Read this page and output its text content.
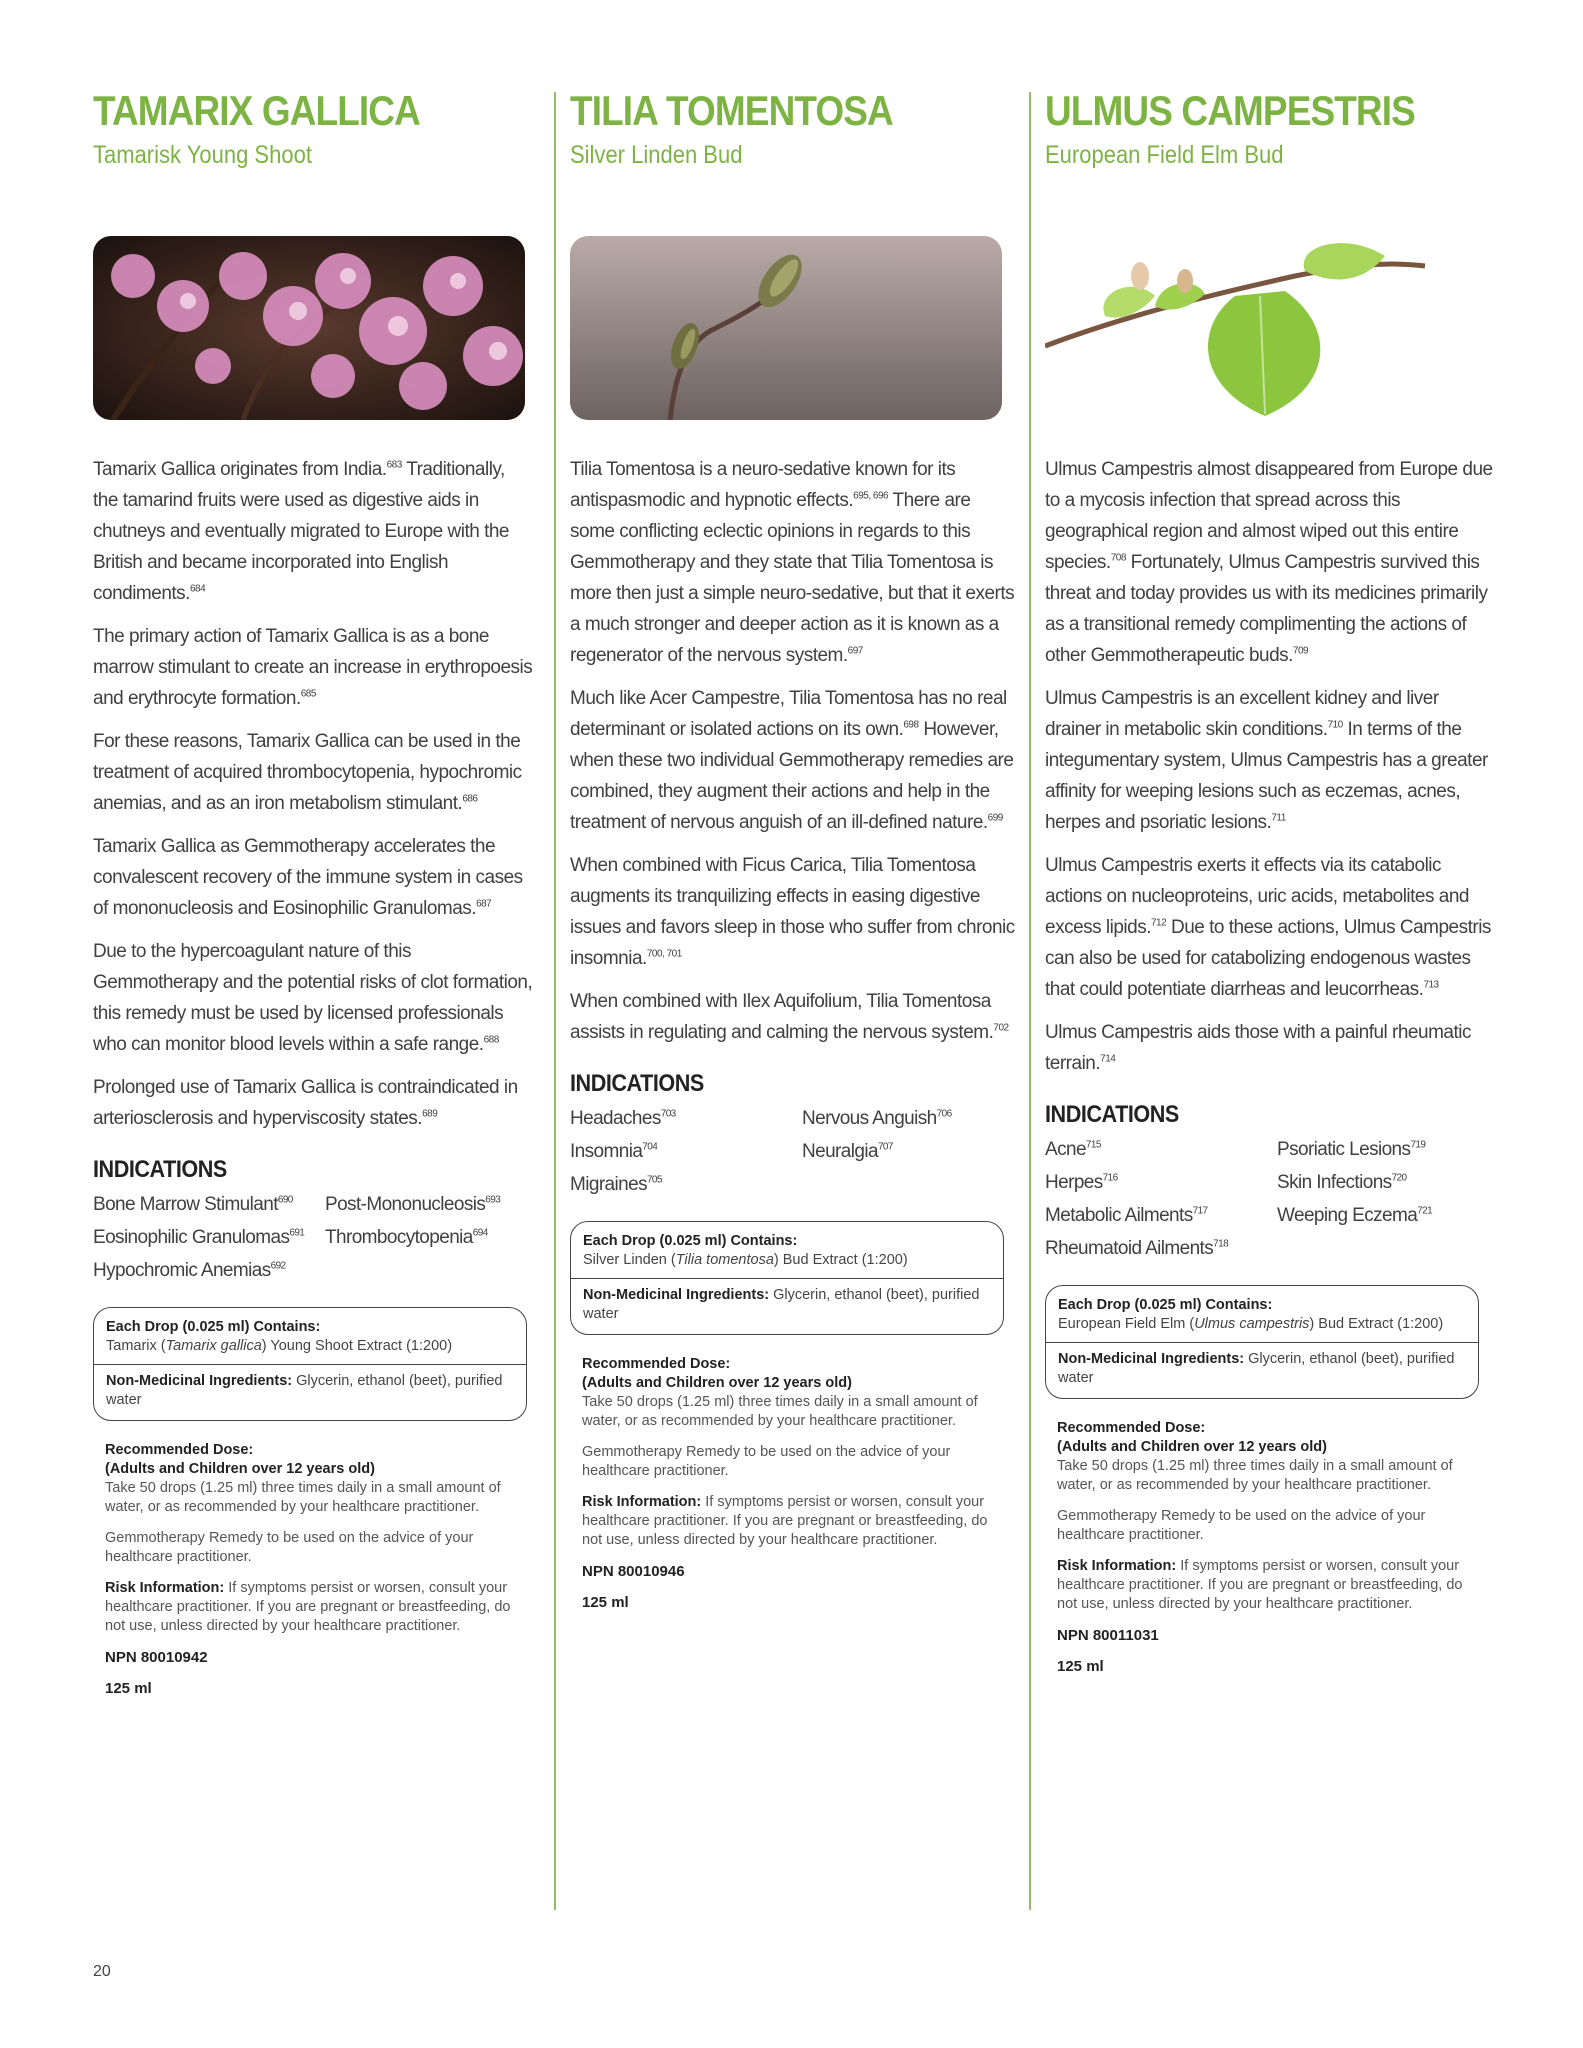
TAMARIX GALLICA
Tamarisk Young Shoot

Tamarix Gallica originates from India.$^{683}$ Traditionally, the tamarind fruits were used as digestive aids in chutneys and eventually migrated to Europe with the British and became incorporated into English condiments.$^{684}$

The primary action of Tamarix Gallica is as a bone marrow stimulant to create an increase in erythropoesis and erythrocyte formation.$^{685}$

For these reasons, Tamarix Gallica can be used in the treatment of acquired thrombocytopenia, hypochromic anemias, and as an iron metabolism stimulant.$^{686}$

Tamarix Gallica as Gemmotherapy accelerates the convalescent recovery of the immune system in cases of mononucleosis and Eosinophilic Granulomas.$^{687}$

Due to the hypercoagulant nature of this Gemmotherapy and the potential risks of clot formation, this remedy must be used by licensed professionals who can monitor blood levels within a safe range.$^{688}$

Prolonged use of Tamarix Gallica is contraindicated in arteriosclerosis and hyperviscosity states.$^{689}$

INDICATIONS
Bone Marrow Stimulant$^{690}$	Post-Mononucleosis$^{693}$
Eosinophilic Granulomas$^{691}$	Thrombocytopenia$^{694}$
Hypochromic Anemias$^{692}$
Each Drop (0.025 ml) Contains:
Tamarix (Tamarix gallica) Young Shoot Extract (1:200)
Non-Medicinal Ingredients: Glycerin, ethanol (beet), purified water

Recommended Dose:
(Adults and Children over 12 years old)
Take 50 drops (1.25 ml) three times daily in a small amount of water, or as recommended by your healthcare practitioner.

Gemmotherapy Remedy to be used on the advice of your healthcare practitioner.

Risk Information: If symptoms persist or worsen, consult your healthcare practitioner. If you are pregnant or breastfeeding, do not use, unless directed by your healthcare practitioner.

NPN 80010942

125 ml

TILIA TOMENTOSA
Silver Linden Bud

Tilia Tomentosa is a neuro-sedative known for its antispasmodic and hypnotic effects.$^{695, 696}$ There are some conflicting eclectic opinions in regards to this Gemmotherapy and they state that Tilia Tomentosa is more then just a simple neuro-sedative, but that it exerts a much stronger and deeper action as it is known as a regenerator of the nervous system.$^{697}$

Much like Acer Campestre, Tilia Tomentosa has no real determinant or isolated actions on its own.$^{698}$ However, when these two individual Gemmotherapy remedies are combined, they augment their actions and help in the treatment of nervous anguish of an ill-defined nature.$^{699}$

When combined with Ficus Carica, Tilia Tomentosa augments its tranquilizing effects in easing digestive issues and favors sleep in those who suffer from chronic insomnia.$^{700, 701}$

When combined with Ilex Aquifolium, Tilia Tomentosa assists in regulating and calming the nervous system.$^{702}$

INDICATIONS
Headaches$^{703}$	Nervous Anguish$^{706}$
Insomnia$^{704}$	Neuralgia$^{707}$
Migraines$^{705}$
Each Drop (0.025 ml) Contains:
Silver Linden (Tilia tomentosa) Bud Extract (1:200)
Non-Medicinal Ingredients: Glycerin, ethanol (beet), purified water

Recommended Dose:
(Adults and Children over 12 years old)
Take 50 drops (1.25 ml) three times daily in a small amount of water, or as recommended by your healthcare practitioner.

Gemmotherapy Remedy to be used on the advice of your healthcare practitioner.

Risk Information: If symptoms persist or worsen, consult your healthcare practitioner. If you are pregnant or breastfeeding, do not use, unless directed by your healthcare practitioner.

NPN 80010946

125 ml

ULMUS CAMPESTRIS
European Field Elm Bud

Ulmus Campestris almost disappeared from Europe due to a mycosis infection that spread across this geographical region and almost wiped out this entire species.$^{708}$ Fortunately, Ulmus Campestris survived this threat and today provides us with its medicines primarily as a transitional remedy complimenting the actions of other Gemmotherapeutic buds.$^{709}$

Ulmus Campestris is an excellent kidney and liver drainer in metabolic skin conditions.$^{710}$ In terms of the integumentary system, Ulmus Campestris has a greater affinity for weeping lesions such as eczemas, acnes, herpes and psoriatic lesions.$^{711}$

Ulmus Campestris exerts it effects via its catabolic actions on nucleoproteins, uric acids, metabolites and excess lipids.$^{712}$ Due to these actions, Ulmus Campestris can also be used for catabolizing endogenous wastes that could potentiate diarrheas and leucorrheas.$^{713}$

Ulmus Campestris aids those with a painful rheumatic terrain.$^{714}$

INDICATIONS
Acne$^{715}$	Psoriatic Lesions$^{719}$
Herpes$^{716}$	Skin Infections$^{720}$
Metabolic Ailments$^{717}$	Weeping Eczema$^{721}$
Rheumatoid Ailments$^{718}$
Each Drop (0.025 ml) Contains:
European Field Elm (Ulmus campestris) Bud Extract (1:200)
Non-Medicinal Ingredients: Glycerin, ethanol (beet), purified water

Recommended Dose:
(Adults and Children over 12 years old)
Take 50 drops (1.25 ml) three times daily in a small amount of water, or as recommended by your healthcare practitioner.

Gemmotherapy Remedy to be used on the advice of your healthcare practitioner.

Risk Information: If symptoms persist or worsen, consult your healthcare practitioner. If you are pregnant or breastfeeding, do not use, unless directed by your healthcare practitioner.

NPN 80011031

125 ml

20
